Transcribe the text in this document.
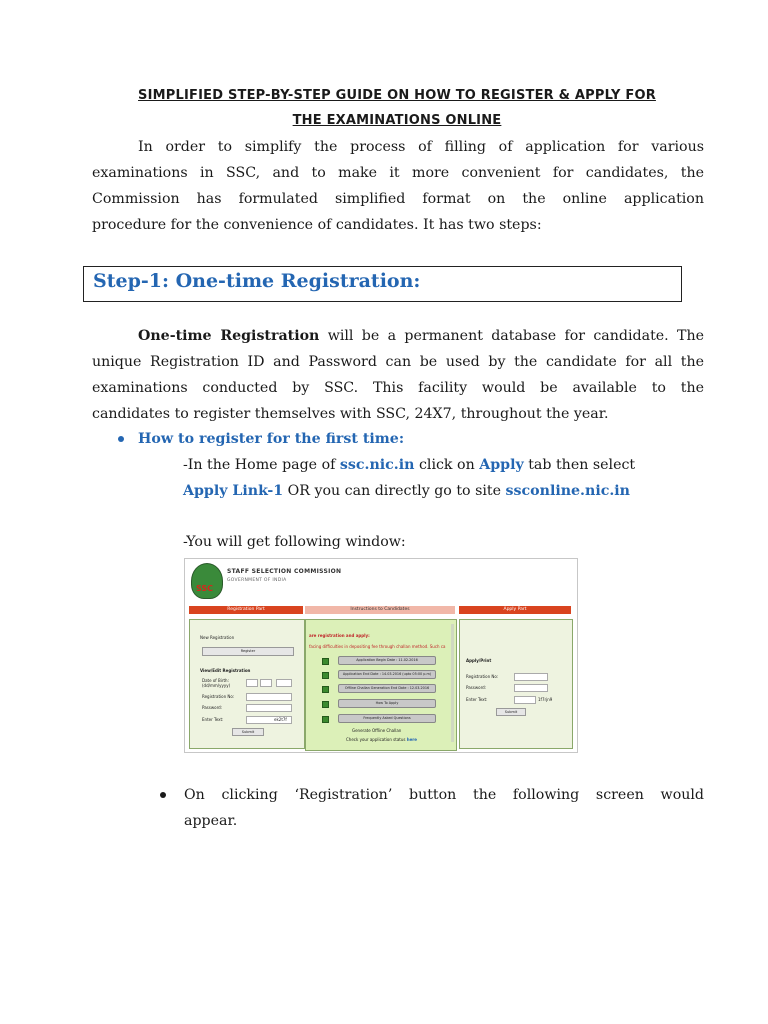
SIMPLIFIED STEP-BY-STEP GUIDE ON HOW TO REGISTER & APPLY FOR
THE EXAMINATIONS ONLINE
In order to simplify the process of filling of application for various
examinations in SSC, and to make it more convenient for candidates, the
Commission has formulated simplified format on the online application
procedure for the convenience of candidates. It has two steps:
Step-1: One-time Registration:
One-time Registration will be a permanent database for candidate. The
unique Registration ID and Password can be used by the candidate for all the
examinations conducted by SSC. This facility would be available to the
candidates to register themselves with SSC, 24X7, throughout the year.
How to register for the first time:
-In the Home page of ssc.nic.in click on Apply tab then select
Apply Link-1 OR you can directly go to site ssconline.nic.in
-You will get following window:
SSC
STAFF SELECTION COMMISSION
GOVERNMENT OF INDIA
Registration Part	Instructions to Candidates	Apply Part
New Registration
Register
View/Edit Registration
Date of Birth:
(dd/mm/yyyy)
Registration No:
Password:
Enter Text:	ek2t7f
Submit
are registration and apply:
facing difficulties in depositing fee through challan method. Such ca
Application Begin Date : 11.02.2016
Application End Date : 14.03.2016 (upto 05:00 p.m)
Offline Challan Generation End Date : 12.03.2016
How To Apply
Frequently Asked Questions
Generate Offline Challan
Check your application status here
Apply/Print
Registration No:
Password:
Enter Text:	1f7rjn9
Submit
On clicking ‘Registration’ button the following screen would
appear.
